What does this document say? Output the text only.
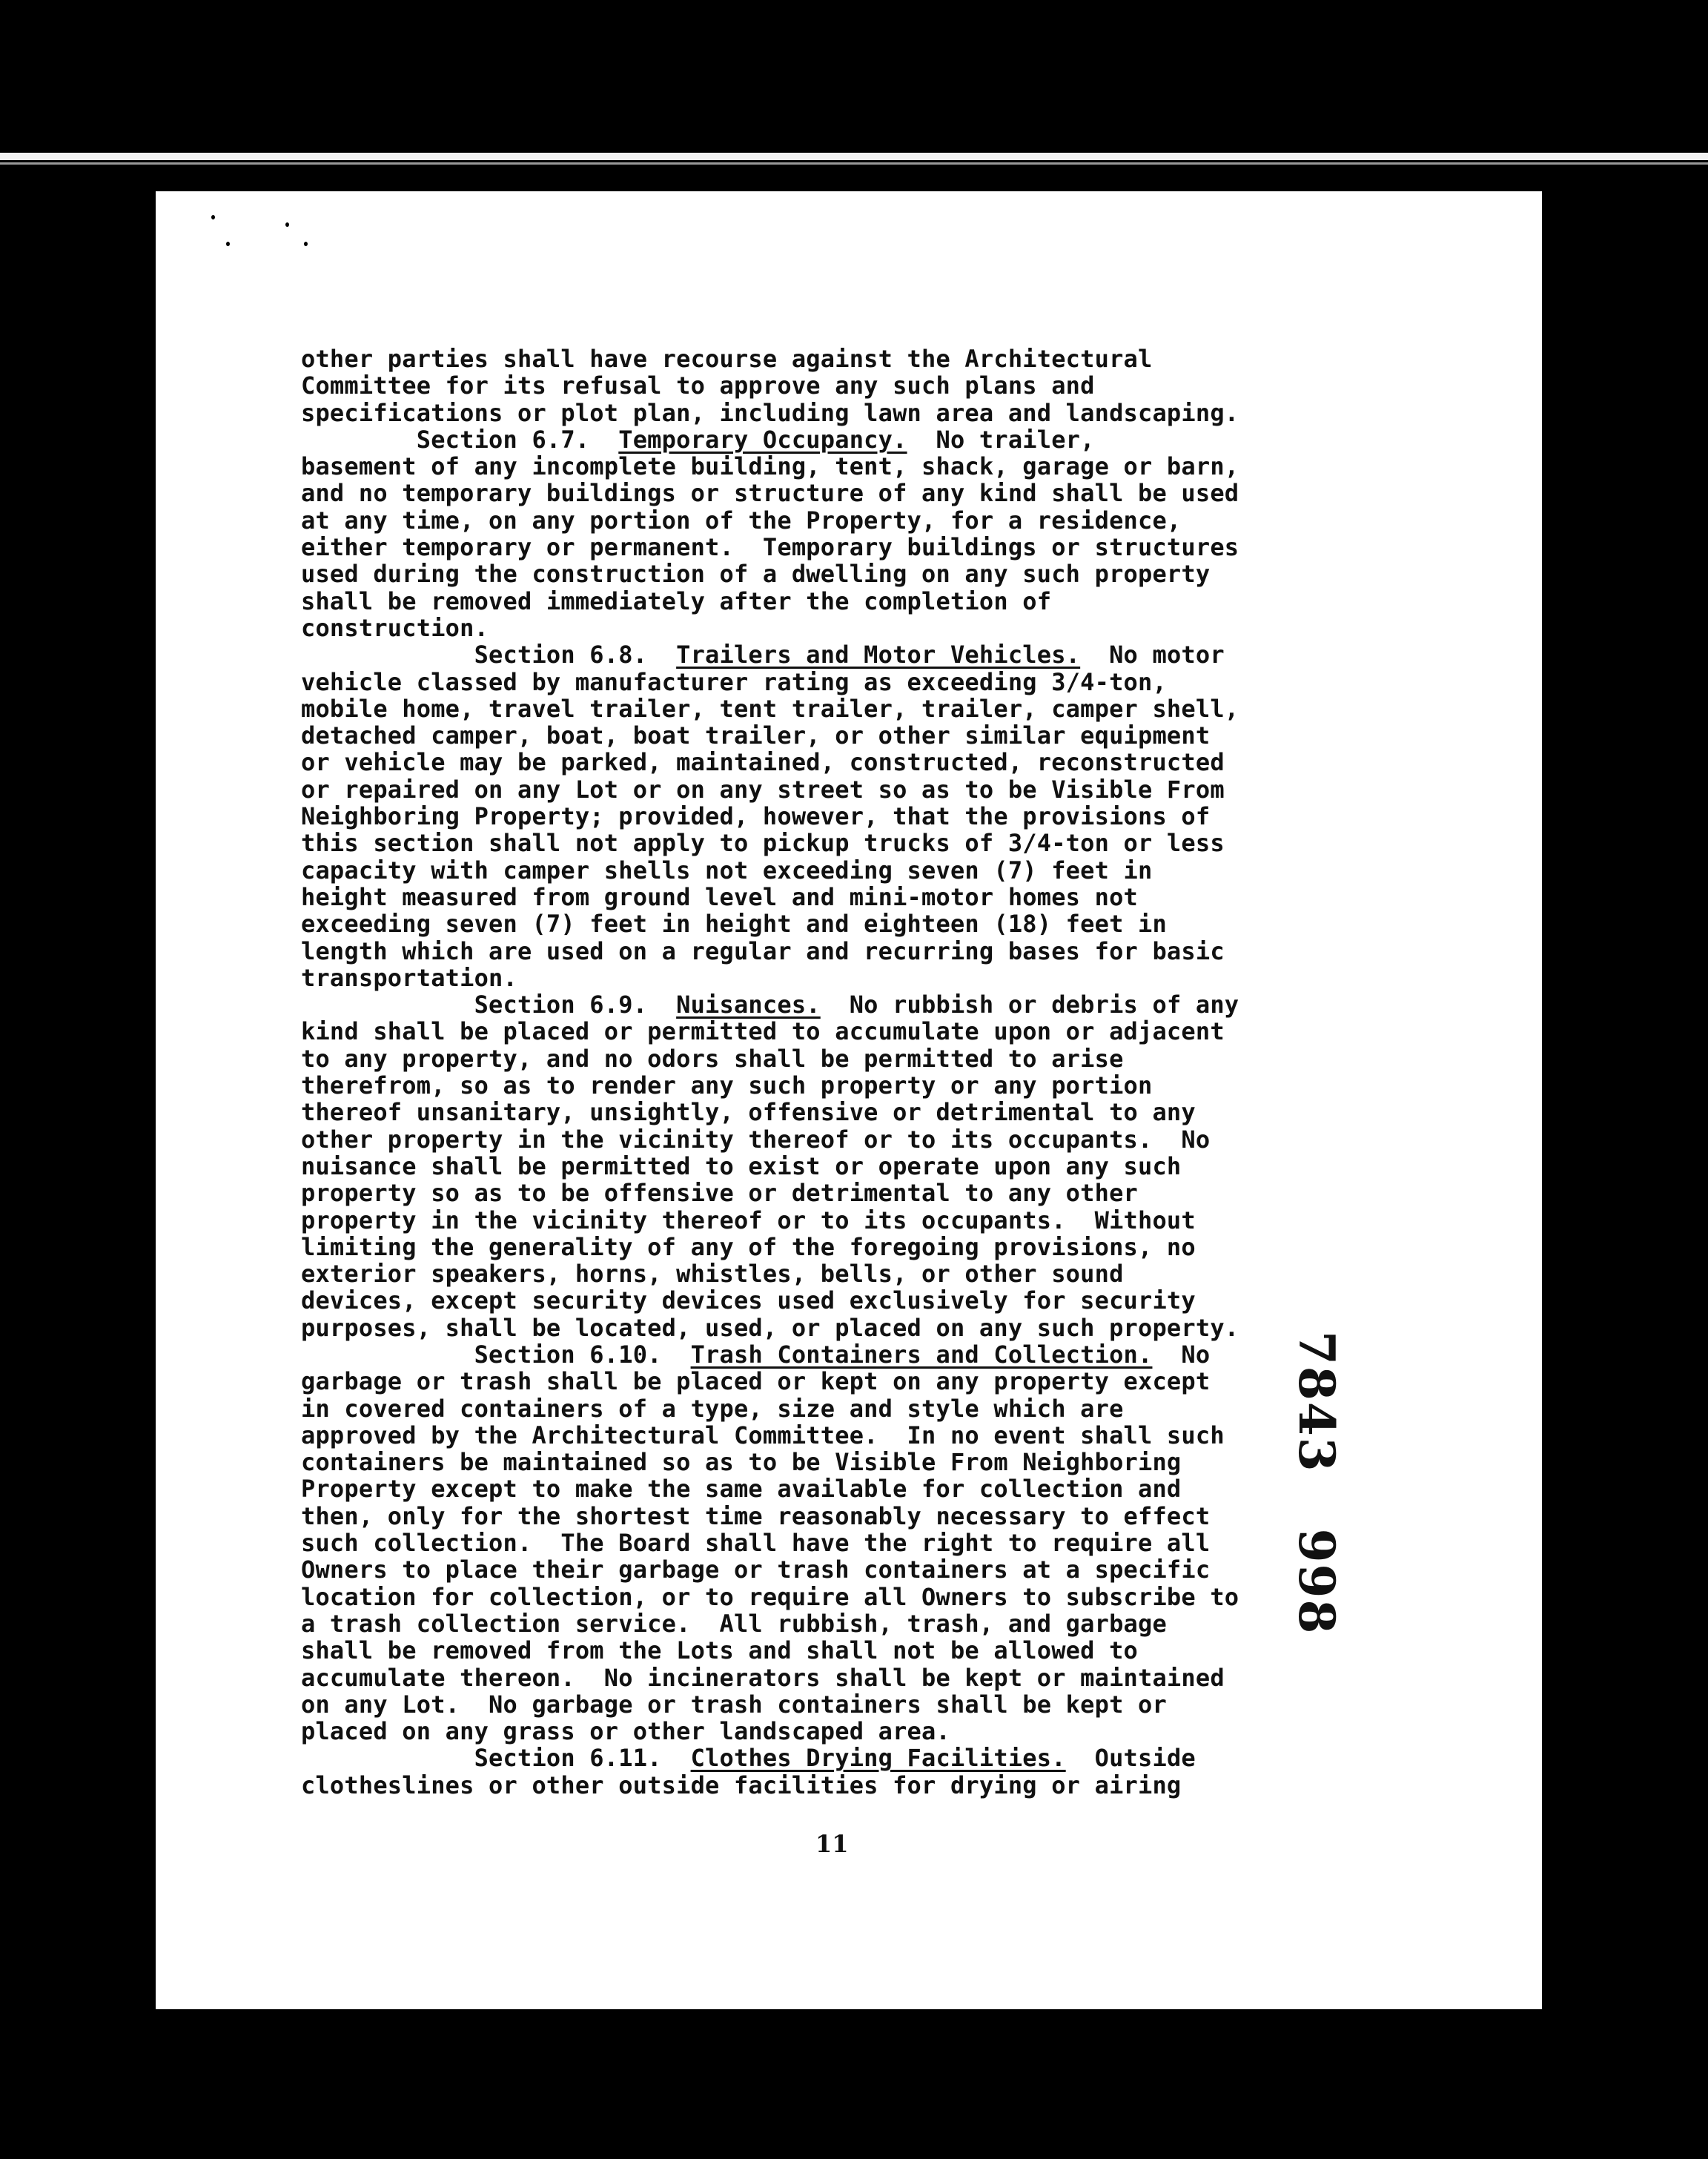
other parties shall have recourse against the Architectural
Committee for its refusal to approve any such plans and
specifications or plot plan, including lawn area and landscaping.
Section 6.7.  Temporary Occupancy.  No trailer,
basement of any incomplete building, tent, shack, garage or barn,
and no temporary buildings or structure of any kind shall be used
at any time, on any portion of the Property, for a residence,
either temporary or permanent.  Temporary buildings or structures
used during the construction of a dwelling on any such property
shall be removed immediately after the completion of
construction.
Section 6.8.  Trailers and Motor Vehicles.  No motor
vehicle classed by manufacturer rating as exceeding 3/4-ton,
mobile home, travel trailer, tent trailer, trailer, camper shell,
detached camper, boat, boat trailer, or other similar equipment
or vehicle may be parked, maintained, constructed, reconstructed
or repaired on any Lot or on any street so as to be Visible From
Neighboring Property; provided, however, that the provisions of
this section shall not apply to pickup trucks of 3/4-ton or less
capacity with camper shells not exceeding seven (7) feet in
height measured from ground level and mini-motor homes not
exceeding seven (7) feet in height and eighteen (18) feet in
length which are used on a regular and recurring bases for basic
transportation.
Section 6.9.  Nuisances.  No rubbish or debris of any
kind shall be placed or permitted to accumulate upon or adjacent
to any property, and no odors shall be permitted to arise
therefrom, so as to render any such property or any portion
thereof unsanitary, unsightly, offensive or detrimental to any
other property in the vicinity thereof or to its occupants.  No
nuisance shall be permitted to exist or operate upon any such
property so as to be offensive or detrimental to any other
property in the vicinity thereof or to its occupants.  Without
limiting the generality of any of the foregoing provisions, no
exterior speakers, horns, whistles, bells, or other sound
devices, except security devices used exclusively for security
purposes, shall be located, used, or placed on any such property.
Section 6.10.  Trash Containers and Collection.  No
garbage or trash shall be placed or kept on any property except
in covered containers of a type, size and style which are
approved by the Architectural Committee.  In no event shall such
containers be maintained so as to be Visible From Neighboring
Property except to make the same available for collection and
then, only for the shortest time reasonably necessary to effect
such collection.  The Board shall have the right to require all
Owners to place their garbage or trash containers at a specific
location for collection, or to require all Owners to subscribe to
a trash collection service.  All rubbish, trash, and garbage
shall be removed from the Lots and shall not be allowed to
accumulate thereon.  No incinerators shall be kept or maintained
on any Lot.  No garbage or trash containers shall be kept or
placed on any grass or other landscaped area.
Section 6.11.  Clothes Drying Facilities.  Outside
clotheslines or other outside facilities for drying or airing
11
7843   998
